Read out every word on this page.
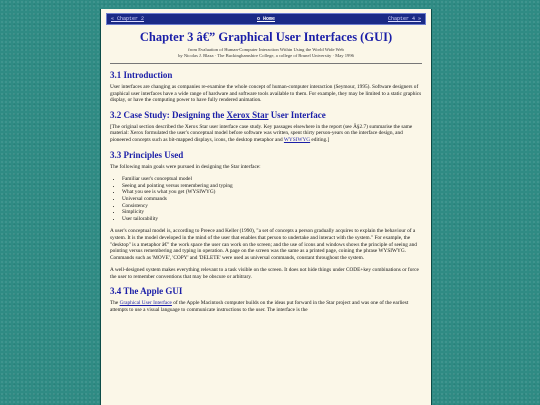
« Chapter 2	o Home	Chapter 4 »
Chapter 3 â€” Graphical User Interfaces (GUI)

from Evaluation of Human-Computer Interaction Within Using the World Wide Web

by Nicolas J. Blaza · The Buckinghamshire College, a college of Brunel University · May 1996

3.1 Introduction

User interfaces are changing as companies re-examine the whole concept of human-computer interaction (Seymour, 1995). Software designers of graphical user interfaces have a wide range of hardware and software tools available to them. For example, they may be limited to a static graphics display, or have the computing power to have fully rendered animation.

3.2 Case Study: Designing the Xerox Star User Interface

[The original section described the Xerox Star user interface case study. Key passages elsewhere in the report (see Â§2.7) summarise the same material: Xerox formulated the user's conceptual model before software was written, spent thirty person-years on the interface design, and pioneered concepts such as bit-mapped displays, icons, the desktop metaphor and WYSIWYG editing.]

3.3 Principles Used

The following main goals were pursued in designing the Star interface:

• Familiar user's conceptual model
• Seeing and pointing versus remembering and typing
• What you see is what you get (WYSIWYG)
• Universal commands
• Consistency
• Simplicity
• User tailorability

A user's conceptual model is, according to Preece and Keller (1990), "a set of concepts a person gradually acquires to explain the behaviour of a system. It is the model developed in the mind of the user that enables that person to undertake and interact with the system." For example, the "desktop" is a metaphor â€” the work space the user can work on the screen; and the use of icons and windows shows the principle of seeing and pointing versus remembering and typing in operation. A page on the screen was the same as a printed page, coining the phrase WYSIWYG. Commands such as 'MOVE', 'COPY' and 'DELETE' were used as universal commands, constant throughout the system.

A well-designed system makes everything relevant to a task visible on the screen. It does not hide things under CODE+key combinations or force the user to remember conventions that may be obscure or arbitrary.

3.4 The Apple GUI

The Graphical User Interface of the Apple Macintosh computer builds on the ideas put forward in the Star project and was one of the earliest attempts to use a visual language to communicate instructions to the user. The interface is the
